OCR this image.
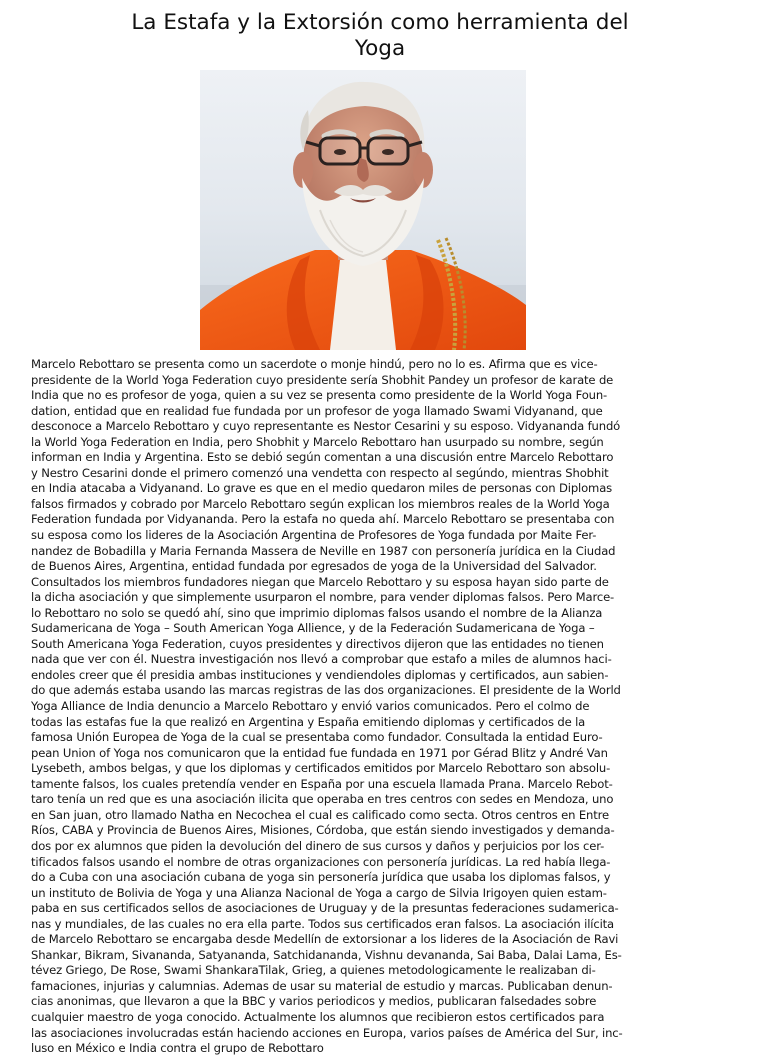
La Estafa y la Extorsión como herramienta del
Yoga
Marcelo Rebottaro se presenta como un sacerdote o monje hindú, pero no lo es. Afirma que es vice-
presidente de la World Yoga Federation cuyo presidente sería Shobhit Pandey un profesor de karate de
India que no es profesor de yoga, quien a su vez se presenta como presidente de la World Yoga Foun-
dation, entidad que en realidad fue fundada por un profesor de yoga llamado Swami Vidyanand, que
desconoce a Marcelo Rebottaro y cuyo representante es Nestor Cesarini y su esposo. Vidyananda fundó
la World Yoga Federation en India, pero Shobhit y Marcelo Rebottaro han usurpado su nombre, según
informan en India y Argentina. Esto se debió según comentan a una discusión entre Marcelo Rebottaro
y Nestro Cesarini donde el primero comenzó una vendetta con respecto al segúndo, mientras Shobhit
en India atacaba a Vidyanand. Lo grave es que en el medio quedaron miles de personas con Diplomas
falsos firmados y cobrado por Marcelo Rebottaro según explican los miembros reales de la World Yoga
Federation fundada por Vidyananda. Pero la estafa no queda ahí. Marcelo Rebottaro se presentaba con
su esposa como los lideres de la Asociación Argentina de Profesores de Yoga fundada por Maite Fer-
nandez de Bobadilla y Maria Fernanda Massera de Neville en 1987 con personería jurídica en la Ciudad
de Buenos Aires, Argentina, entidad fundada por egresados de yoga de la Universidad del Salvador.
Consultados los miembros fundadores niegan que Marcelo Rebottaro y su esposa hayan sido parte de
la dicha asociación y que simplemente usurparon el nombre, para vender diplomas falsos. Pero Marce-
lo Rebottaro no solo se quedó ahí, sino que imprimio diplomas falsos usando el nombre de la Alianza
Sudamericana de Yoga – South American Yoga Allience, y de la Federación Sudamericana de Yoga –
South Americana Yoga Federation, cuyos presidentes y directivos dijeron que las entidades no tienen
nada que ver con él. Nuestra investigación nos llevó a comprobar que estafo a miles de alumnos haci-
endoles creer que él presidia ambas instituciones y vendiendoles diplomas y certificados, aun sabien-
do que además estaba usando las marcas registras de las dos organizaciones. El presidente de la World
Yoga Alliance de India denuncio a Marcelo Rebottaro y envió varios comunicados. Pero el colmo de
todas las estafas fue la que realizó en Argentina y España emitiendo diplomas y certificados de la
famosa Unión Europea de Yoga de la cual se presentaba como fundador. Consultada la entidad Euro-
pean Union of Yoga nos comunicaron que la entidad fue fundada en 1971 por Gérad Blitz y André Van
Lysebeth, ambos belgas, y que los diplomas y certificados emitidos por Marcelo Rebottaro son absolu-
tamente falsos, los cuales pretendía vender en España por una escuela llamada Prana. Marcelo Rebot-
taro tenía un red que es una asociación ilicita que operaba en tres centros con sedes en Mendoza, uno
en San juan, otro llamado Natha en Necochea el cual es calificado como secta. Otros centros en Entre
Ríos, CABA y Provincia de Buenos Aires, Misiones, Córdoba, que están siendo investigados y demanda-
dos por ex alumnos que piden la devolución del dinero de sus cursos y daños y perjuicios por los cer-
tificados falsos usando el nombre de otras organizaciones con personería jurídicas. La red había llega-
do a Cuba con una asociación cubana de yoga sin personería jurídica que usaba los diplomas falsos, y
un instituto de Bolivia de Yoga y una Alianza Nacional de Yoga a cargo de Silvia Irigoyen quien estam-
paba en sus certificados sellos de asociaciones de Uruguay y de la presuntas federaciones sudamerica-
nas y mundiales, de las cuales no era ella parte. Todos sus certificados eran falsos. La asociación ilícita
de Marcelo Rebottaro se encargaba desde Medellín de extorsionar a los lideres de la Asociación de Ravi
Shankar, Bikram, Sivananda, Satyananda, Satchidananda, Vishnu devananda, Sai Baba, Dalai Lama, Es-
tévez Griego, De Rose, Swami ShankaraTilak, Grieg, a quienes metodologicamente le realizaban di-
famaciones, injurias y calumnias. Ademas de usar su material de estudio y marcas. Publicaban denun-
cias anonimas, que llevaron a que la BBC y varios periodicos y medios, publicaran falsedades sobre
cualquier maestro de yoga conocido. Actualmente los alumnos que recibieron estos certificados para
las asociaciones involucradas están haciendo acciones en Europa, varios países de América del Sur, inc-
luso en México e India contra el grupo de Rebottaro
